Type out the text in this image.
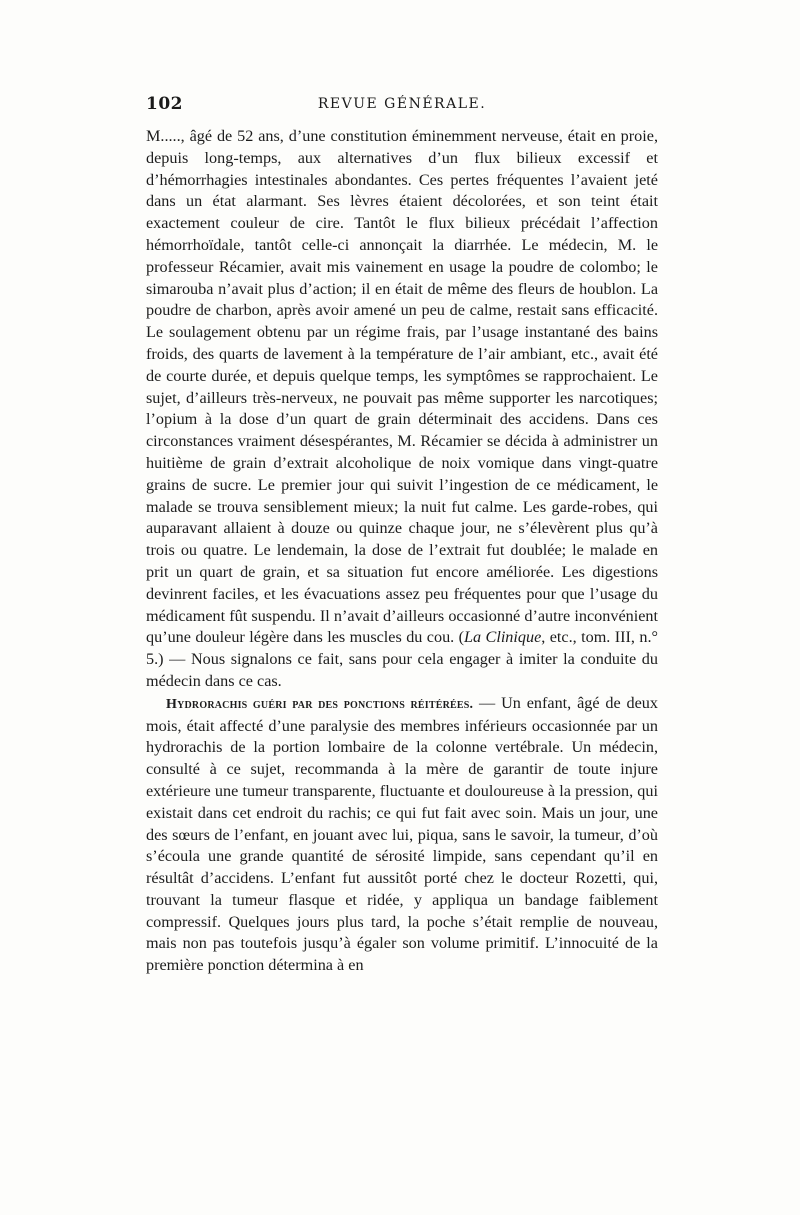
102	REVUE GÉNÉRALE.

M....., âgé de 52 ans, d’une constitution éminemment nerveuse, était en proie, depuis long-temps, aux alternatives d’un flux bilieux excessif et d’hémorrhagies intestinales abondantes. Ces pertes fréquentes l’avaient jeté dans un état alarmant. Ses lèvres étaient décolorées, et son teint était exactement couleur de cire. Tantôt le flux bilieux précédait l’affection hémorrhoïdale, tantôt celle-ci annonçait la diarrhée. Le médecin, M. le professeur Récamier, avait mis vainement en usage la poudre de colombo; le simarouba n’avait plus d’action; il en était de même des fleurs de houblon. La poudre de charbon, après avoir amené un peu de calme, restait sans efficacité. Le soulagement obtenu par un régime frais, par l’usage instantané des bains froids, des quarts de lavement à la température de l’air ambiant, etc., avait été de courte durée, et depuis quelque temps, les symptômes se rapprochaient. Le sujet, d’ailleurs très-nerveux, ne pouvait pas même supporter les narcotiques; l’opium à la dose d’un quart de grain déterminait des accidens. Dans ces circonstances vraiment désespérantes, M. Récamier se décida à administrer un huitième de grain d’extrait alcoholique de noix vomique dans vingt-quatre grains de sucre. Le premier jour qui suivit l’ingestion de ce médicament, le malade se trouva sensiblement mieux; la nuit fut calme. Les garde-robes, qui auparavant allaient à douze ou quinze chaque jour, ne s’élevèrent plus qu’à trois ou quatre. Le lendemain, la dose de l’extrait fut doublée; le malade en prit un quart de grain, et sa situation fut encore améliorée. Les digestions devinrent faciles, et les évacuations assez peu fréquentes pour que l’usage du médicament fût suspendu. Il n’avait d’ailleurs occasionné d’autre inconvénient qu’une douleur légère dans les muscles du cou. (La Clinique, etc., tom. III, n.° 5.) — Nous signalons ce fait, sans pour cela engager à imiter la conduite du médecin dans ce cas.

Hydrorachis guéri par des ponctions réitérées. — Un enfant, âgé de deux mois, était affecté d’une paralysie des membres inférieurs occasionnée par un hydrorachis de la portion lombaire de la colonne vertébrale. Un médecin, consulté à ce sujet, recommanda à la mère de garantir de toute injure extérieure une tumeur transparente, fluctuante et douloureuse à la pression, qui existait dans cet endroit du rachis; ce qui fut fait avec soin. Mais un jour, une des sœurs de l’enfant, en jouant avec lui, piqua, sans le savoir, la tumeur, d’où s’écoula une grande quantité de sérosité limpide, sans cependant qu’il en résultât d’accidens. L’enfant fut aussitôt porté chez le docteur Rozetti, qui, trouvant la tumeur flasque et ridée, y appliqua un bandage faiblement compressif. Quelques jours plus tard, la poche s’était remplie de nouveau, mais non pas toutefois jusqu’à égaler son volume primitif. L’innocuité de la première ponction détermina à en
